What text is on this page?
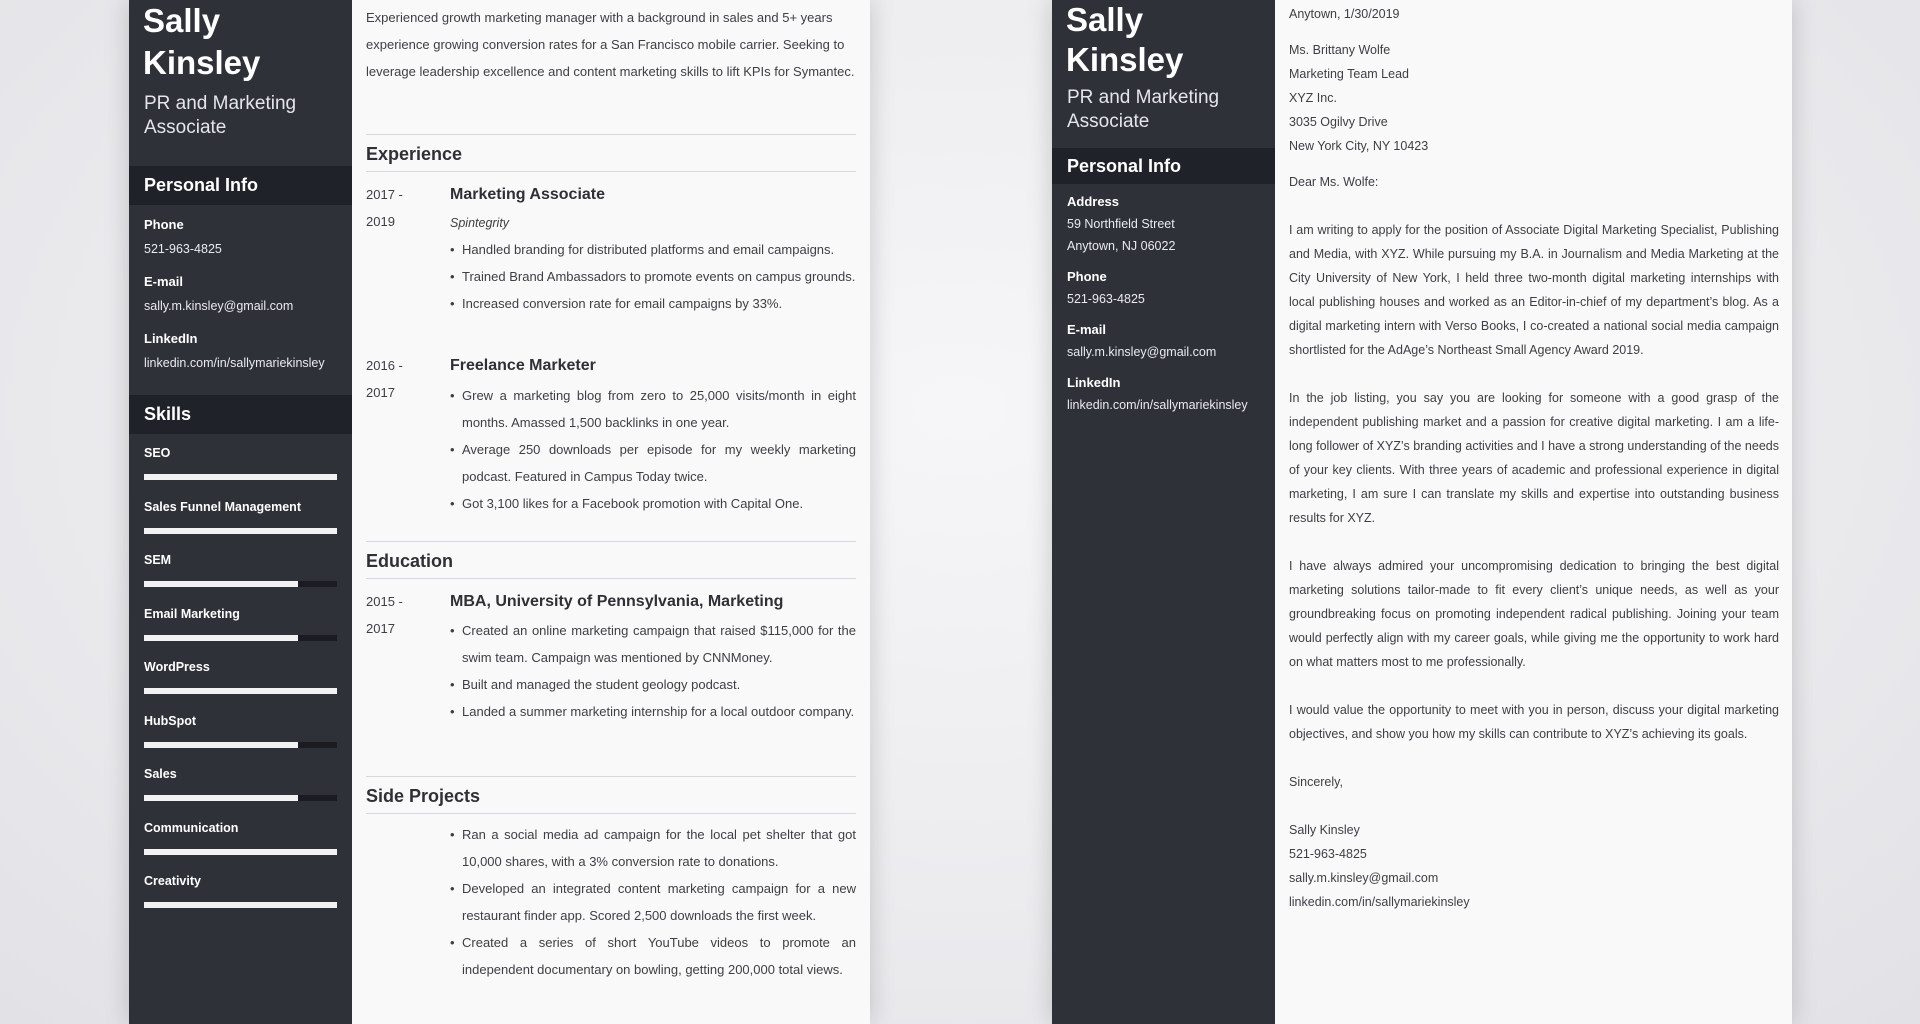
Sally
Kinsley
PR and Marketing Associate
Personal Info
Phone
521-963-4825
E-mail
sally.m.kinsley@gmail.com
LinkedIn
linkedin.com/in/sallymariekinsley
Skills
SEO
Sales Funnel Management
SEM
Email Marketing
WordPress
HubSpot
Sales
Communication
Creativity
Experienced growth marketing manager with a background in sales and 5+ years experience growing conversion rates for a San Francisco mobile carrier. Seeking to leverage leadership excellence and content marketing skills to lift KPIs for Symantec.
Experience
2017 -
2019
Marketing Associate
Spintegrity
• Handled branding for distributed platforms and email campaigns.
• Trained Brand Ambassadors to promote events on campus grounds.
• Increased conversion rate for email campaigns by 33%.
2016 -
2017
Freelance Marketer
• Grew a marketing blog from zero to 25,000 visits/month in eight months. Amassed 1,500 backlinks in one year.
• Average 250 downloads per episode for my weekly marketing podcast. Featured in Campus Today twice.
• Got 3,100 likes for a Facebook promotion with Capital One.
Education
2015 -
2017
MBA, University of Pennsylvania, Marketing
• Created an online marketing campaign that raised $115,000 for the swim team. Campaign was mentioned by CNNMoney.
• Built and managed the student geology podcast.
• Landed a summer marketing internship for a local outdoor company.
Side Projects
• Ran a social media ad campaign for the local pet shelter that got 10,000 shares, with a 3% conversion rate to donations.
• Developed an integrated content marketing campaign for a new restaurant finder app. Scored 2,500 downloads the first week.
• Created a series of short YouTube videos to promote an independent documentary on bowling, getting 200,000 total views.
Sally
Kinsley
PR and Marketing Associate
Personal Info
Address
59 Northfield Street
Anytown, NJ 06022
Phone
521-963-4825
E-mail
sally.m.kinsley@gmail.com
LinkedIn
linkedin.com/in/sallymariekinsley
Anytown, 1/30/2019
Ms. Brittany Wolfe
Marketing Team Lead
XYZ Inc.
3035 Ogilvy Drive
New York City, NY 10423
Dear Ms. Wolfe:
I am writing to apply for the position of Associate Digital Marketing Specialist, Publishing and Media, with XYZ. While pursuing my B.A. in Journalism and Media Marketing at the City University of New York, I held three two-month digital marketing internships with local publishing houses and worked as an Editor-in-chief of my department’s blog. As a digital marketing intern with Verso Books, I co-created a national social media campaign shortlisted for the AdAge’s Northeast Small Agency Award 2019.
In the job listing, you say you are looking for someone with a good grasp of the independent publishing market and a passion for creative digital marketing. I am a life-long follower of XYZ’s branding activities and I have a strong understanding of the needs of your key clients. With three years of academic and professional experience in digital marketing, I am sure I can translate my skills and expertise into outstanding business results for XYZ.
I have always admired your uncompromising dedication to bringing the best digital marketing solutions tailor-made to fit every client’s unique needs, as well as your groundbreaking focus on promoting independent radical publishing. Joining your team would perfectly align with my career goals, while giving me the opportunity to work hard on what matters most to me professionally.
I would value the opportunity to meet with you in person, discuss your digital marketing objectives, and show you how my skills can contribute to XYZ’s achieving its goals.
Sincerely,
Sally Kinsley
521-963-4825
sally.m.kinsley@gmail.com
linkedin.com/in/sallymariekinsley
